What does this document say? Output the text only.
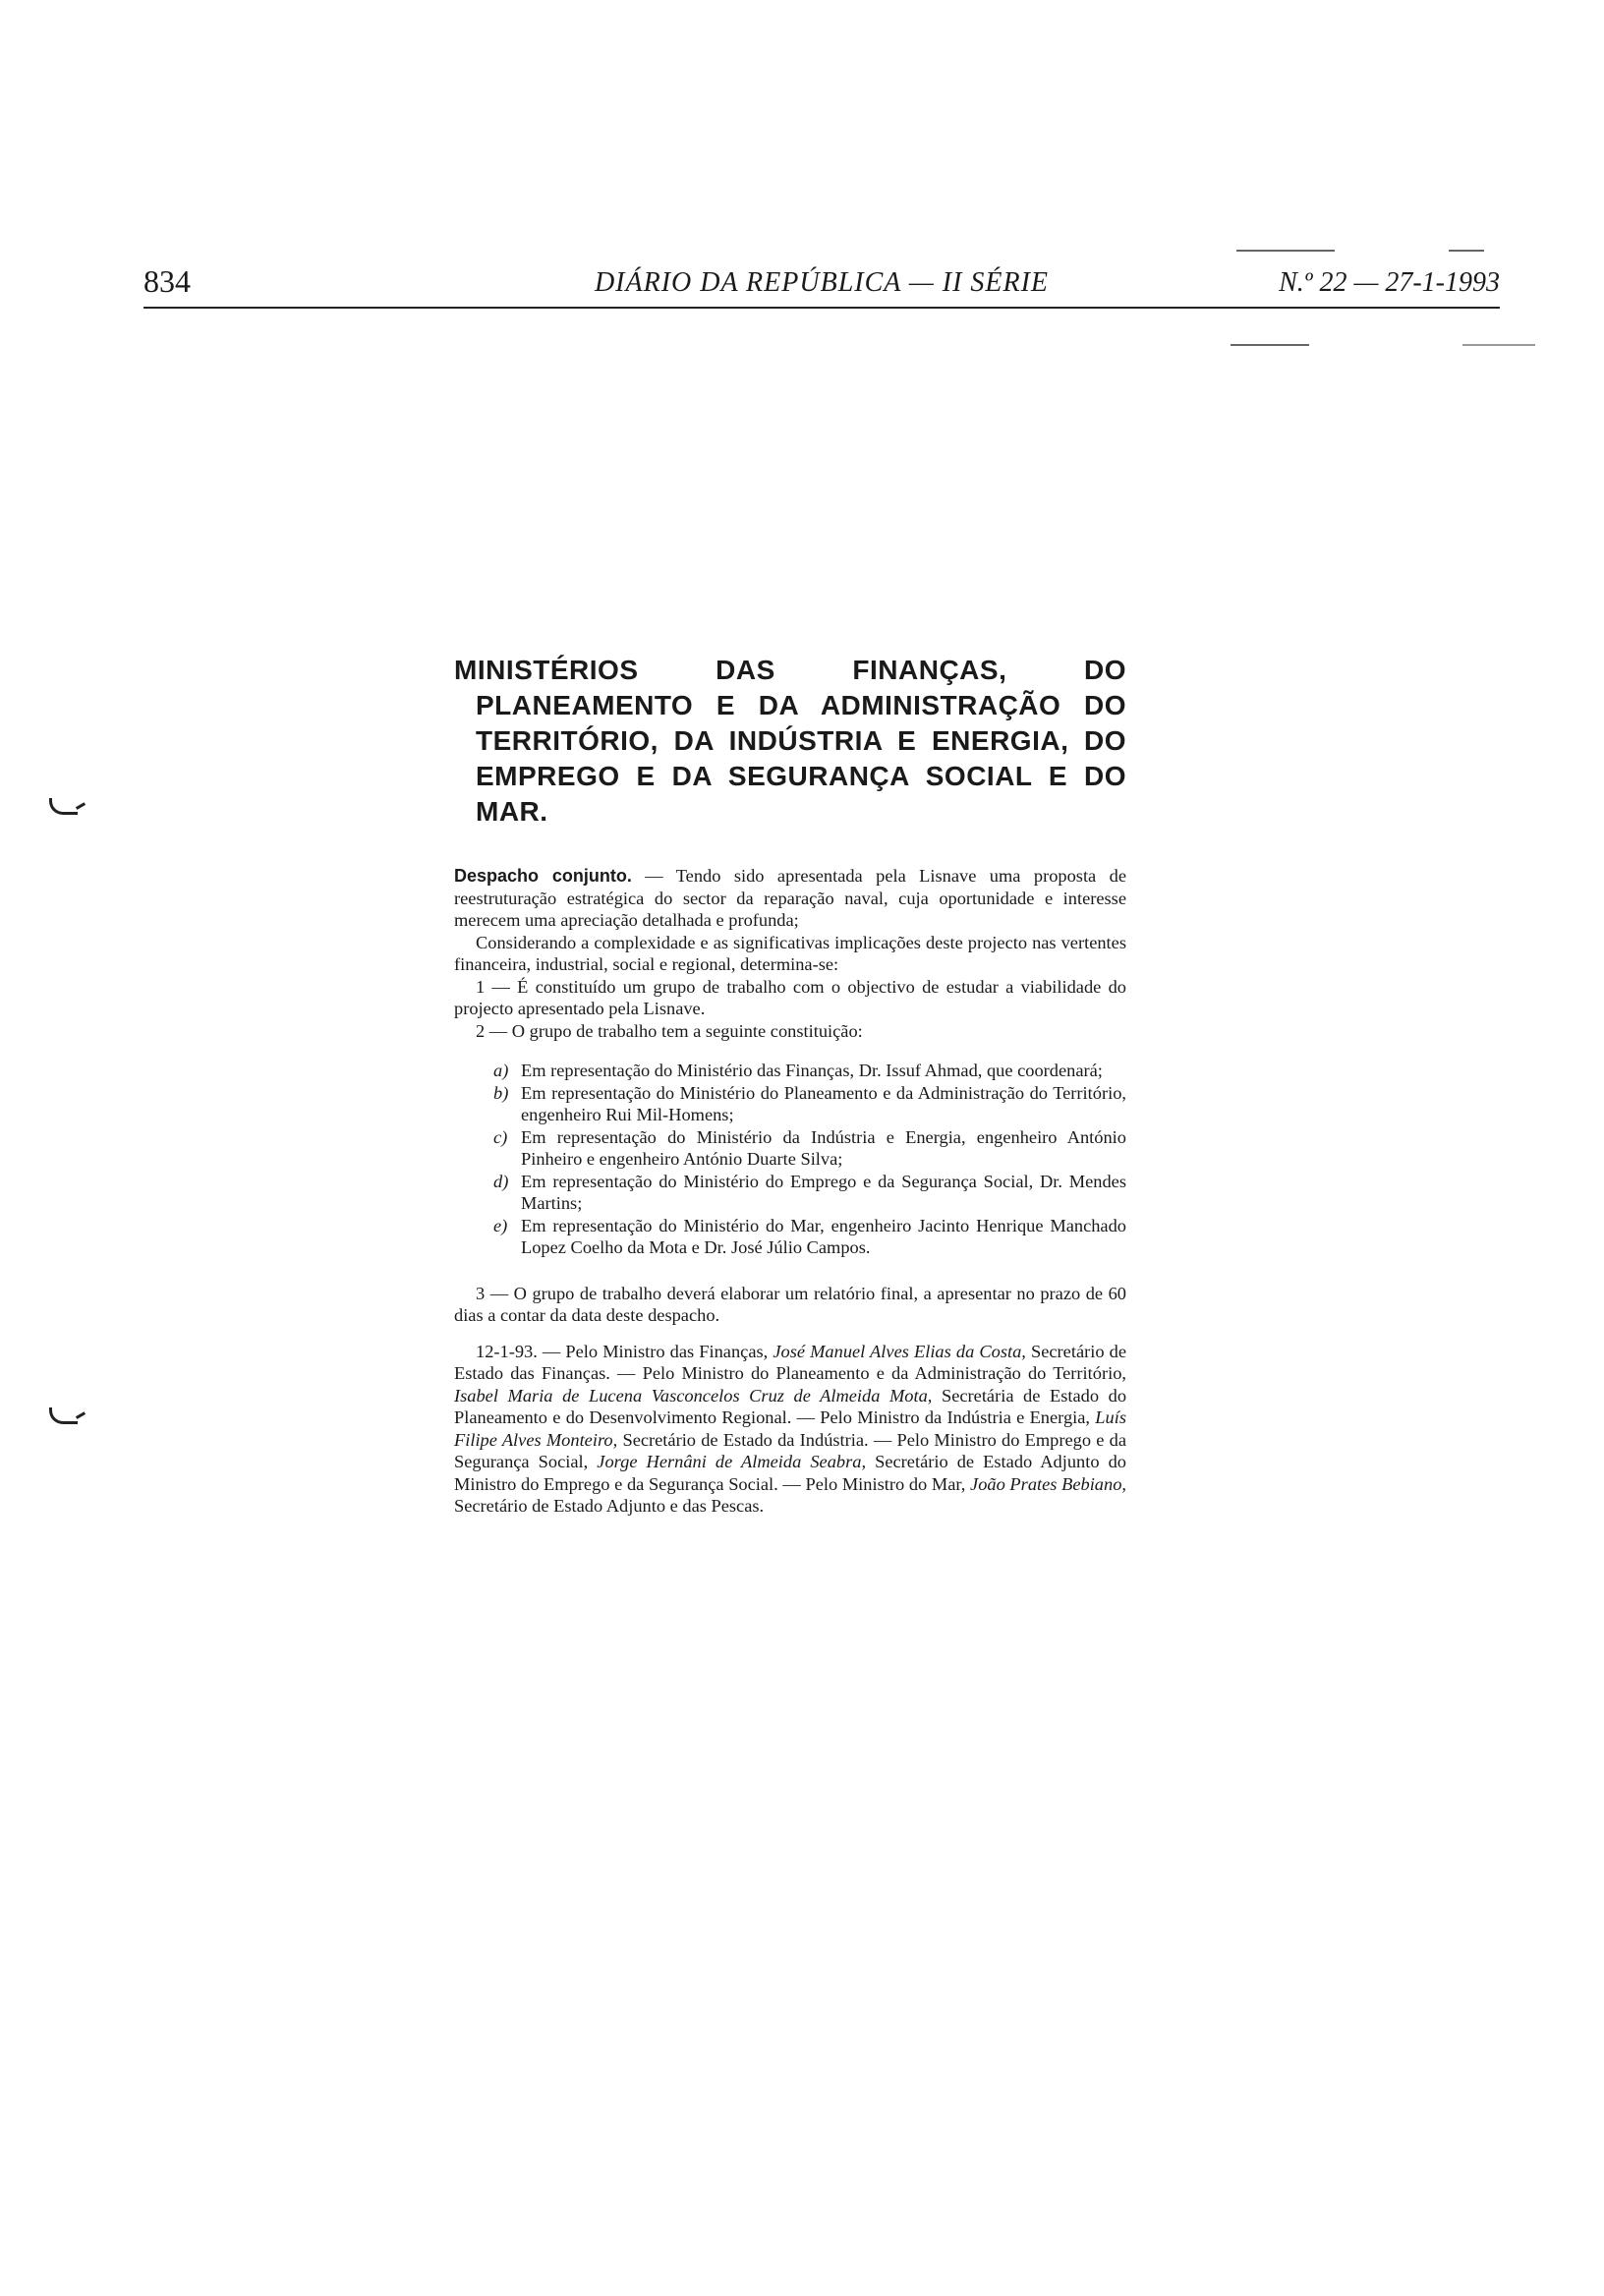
834	DIÁRIO DA REPÚBLICA — II SÉRIE	N.º 22 — 27-1-1993
MINISTÉRIOS DAS FINANÇAS, DO PLANEAMENTO E DA ADMINISTRAÇÃO DO TERRITÓRIO, DA INDÚSTRIA E ENERGIA, DO EMPREGO E DA SEGURANÇA SOCIAL E DO MAR.

Despacho conjunto. — Tendo sido apresentada pela Lisnave uma proposta de reestruturação estratégica do sector da reparação naval, cuja oportunidade e interesse merecem uma apreciação detalhada e profunda;

Considerando a complexidade e as significativas implicações deste projecto nas vertentes financeira, industrial, social e regional, determina-se:

1 — É constituído um grupo de trabalho com o objectivo de estudar a viabilidade do projecto apresentado pela Lisnave.

2 — O grupo de trabalho tem a seguinte constituição:

a) Em representação do Ministério das Finanças, Dr. Issuf Ahmad, que coordenará;
b) Em representação do Ministério do Planeamento e da Administração do Território, engenheiro Rui Mil-Homens;
c) Em representação do Ministério da Indústria e Energia, engenheiro António Pinheiro e engenheiro António Duarte Silva;
d) Em representação do Ministério do Emprego e da Segurança Social, Dr. Mendes Martins;
e) Em representação do Ministério do Mar, engenheiro Jacinto Henrique Manchado Lopez Coelho da Mota e Dr. José Júlio Campos.

3 — O grupo de trabalho deverá elaborar um relatório final, a apresentar no prazo de 60 dias a contar da data deste despacho.

12-1-93. — Pelo Ministro das Finanças, José Manuel Alves Elias da Costa, Secretário de Estado das Finanças. — Pelo Ministro do Planeamento e da Administração do Território, Isabel Maria de Lucena Vasconcelos Cruz de Almeida Mota, Secretária de Estado do Planeamento e do Desenvolvimento Regional. — Pelo Ministro da Indústria e Energia, Luís Filipe Alves Monteiro, Secretário de Estado da Indústria. — Pelo Ministro do Emprego e da Segurança Social, Jorge Hernâni de Almeida Seabra, Secretário de Estado Adjunto do Ministro do Emprego e da Segurança Social. — Pelo Ministro do Mar, João Prates Bebiano, Secretário de Estado Adjunto e das Pescas.
